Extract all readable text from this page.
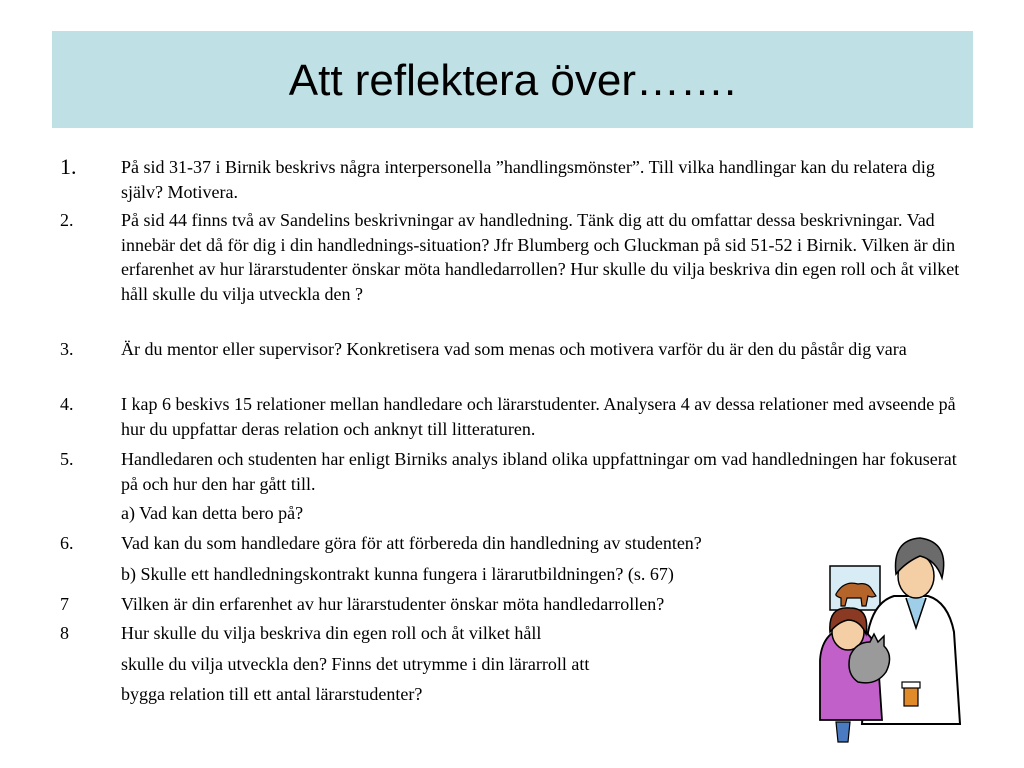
Att reflektera över…….
1. På sid 31-37 i Birnik beskrivs några interpersonella ”handlingsmönster”. Till vilka handlingar kan du relatera dig själv? Motivera.
2.	På sid 44 finns två av Sandelins beskrivningar av handledning. Tänk dig att du omfattar dessa beskrivningar. Vad innebär det då för dig i din handlednings-situation? Jfr Blumberg och Gluckman på sid 51-52 i Birnik. Vilken är din erfarenhet av hur lärarstudenter önskar möta handledarrollen? Hur skulle du vilja beskriva din egen roll och åt vilket håll skulle du vilja utveckla den ?
3.	Är du mentor eller supervisor? Konkretisera vad som menas och motivera varför du är den du påstår dig vara
4.	I kap 6 beskivs 15 relationer mellan handledare och lärarstudenter. Analysera 4 av dessa relationer med avseende på hur du uppfattar deras relation och anknyt till litteraturen.
5.	Handledaren och studenten har enligt Birniks analys ibland olika uppfattningar om vad handledningen har fokuserat på och hur den har gått till.
a) Vad kan detta bero på?
6.	Vad kan du som handledare göra för att förbereda din handledning av studenten?
b) Skulle ett handledningskontrakt kunna fungera i lärarutbildningen? (s. 67)
7	Vilken är din erfarenhet av hur lärarstudenter önskar möta handledarrollen?
8	Hur skulle du vilja beskriva din egen roll och åt vilket håll
skulle du vilja utveckla den? Finns det utrymme i din lärarroll att
bygga relation till ett antal lärarstudenter?
